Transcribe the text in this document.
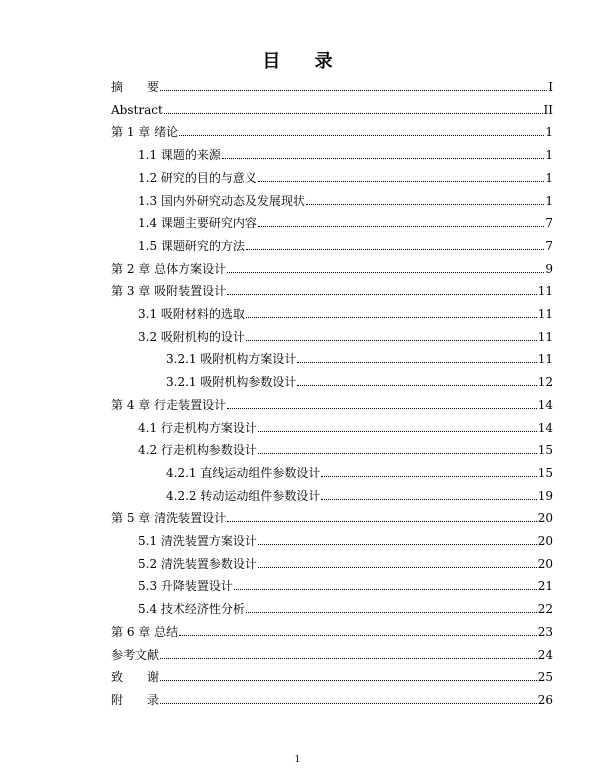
目 录
摘　　要	I
Abstract	II
第 1 章 绪论	1
1.1 课题的来源	1
1.2 研究的目的与意义	1
1.3 国内外研究动态及发展现状	1
1.4 课题主要研究内容	7
1.5 课题研究的方法	7
第 2 章 总体方案设计	9
第 3 章 吸附装置设计	11
3.1 吸附材料的选取	11
3.2 吸附机构的设计	11
3.2.1 吸附机构方案设计	11
3.2.1 吸附机构参数设计	12
第 4 章 行走装置设计	14
4.1 行走机构方案设计	14
4.2 行走机构参数设计	15
4.2.1 直线运动组件参数设计	15
4.2.2 转动运动组件参数设计	19
第 5 章 清洗装置设计	20
5.1 清洗装置方案设计	20
5.2 清洗装置参数设计	20
5.3 升降装置设计	21
5.4 技术经济性分析	22
第 6 章 总结	23
参考文献	24
致　　谢	25
附　　录	26
1
